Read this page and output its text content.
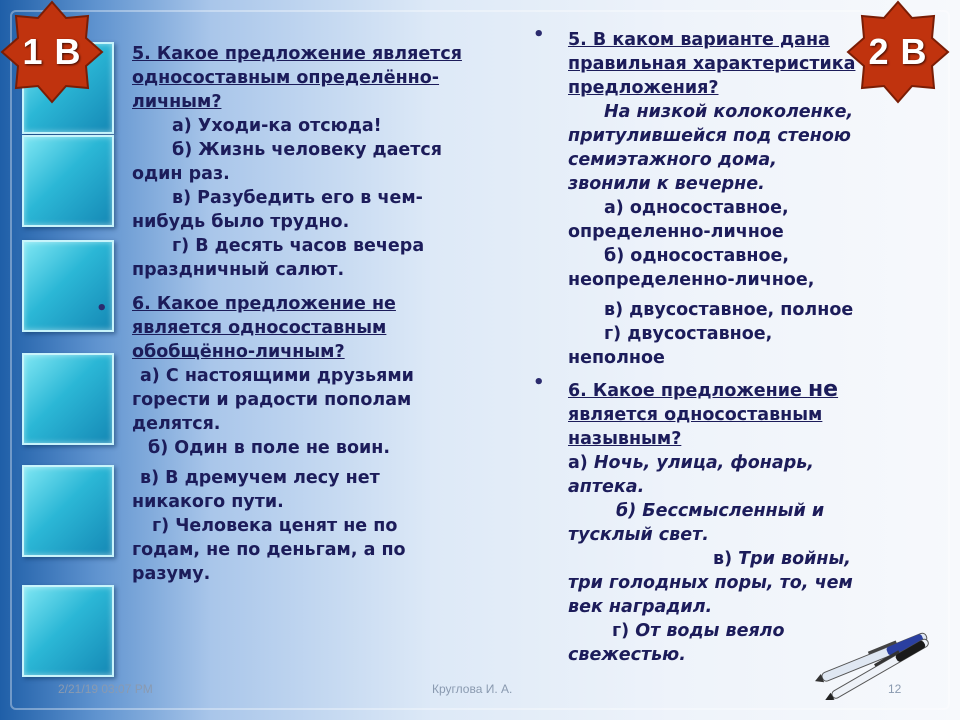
1 В	2 В

5. Какое предложение является односоставным определённо-личным?

а) Уходи-ка отсюда!

б) Жизнь человеку дается один раз.

в) Разубедить его в чем-нибудь было трудно.

г) В десять часов вечера праздничный салют.

6. Какое предложение не является односоставным обобщённо-личным?

а) С настоящими друзьями горести и радости пополам делятся.

б) Один в поле не воин.

в) В дремучем лесу нет никакого пути.

г) Человека ценят не по годам, не по деньгам, а по разуму.

•
• 5. В каком варианте дана правильная характеристика предложения?

На низкой колоколенке, притулившейся под стеною семиэтажного дома, звонили к вечерне.

а) односоставное, определенно-личное

б) односоставное, неопределенно-личное,

в) двусоставное, полное

г) двусоставное, неполное

• 6. Какое предложение не является односоставным назывным?

а) Ночь, улица, фонарь, аптека.

б) Бессмысленный и тусклый свет.

в) Три войны, три голодных поры, то, чем век наградил.

г) От воды веяло свежестью.

2/21/19 03:07 PM	Круглова И. А.	12
